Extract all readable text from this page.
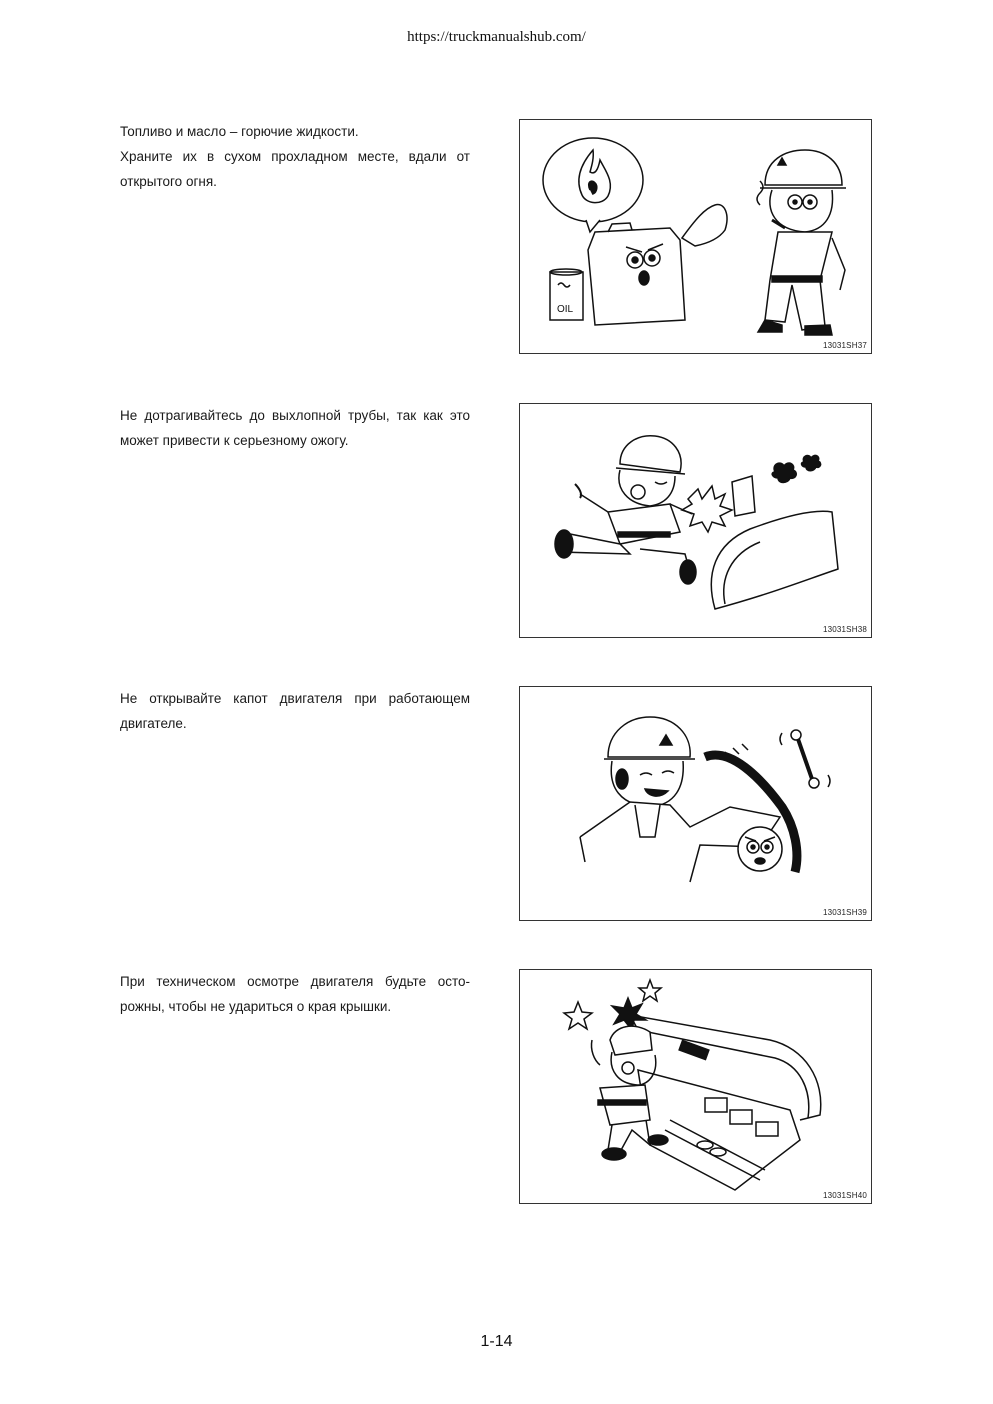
https://truckmanualshub.com/

Топливо и масло – горючие жидкости.

Храните их в сухом прохладном месте, вдали от открытого огня.

OIL
13031SH37

Не дотрагивайтесь до выхлопной трубы, так как это может привести к серьезному ожогу.

13031SH38

Не открывайте капот двигателя при работающем двигателе.

13031SH39

При техническом осмотре двигателя будьте осто-рожны, чтобы не удариться о края крышки.

13031SH40
1-14
